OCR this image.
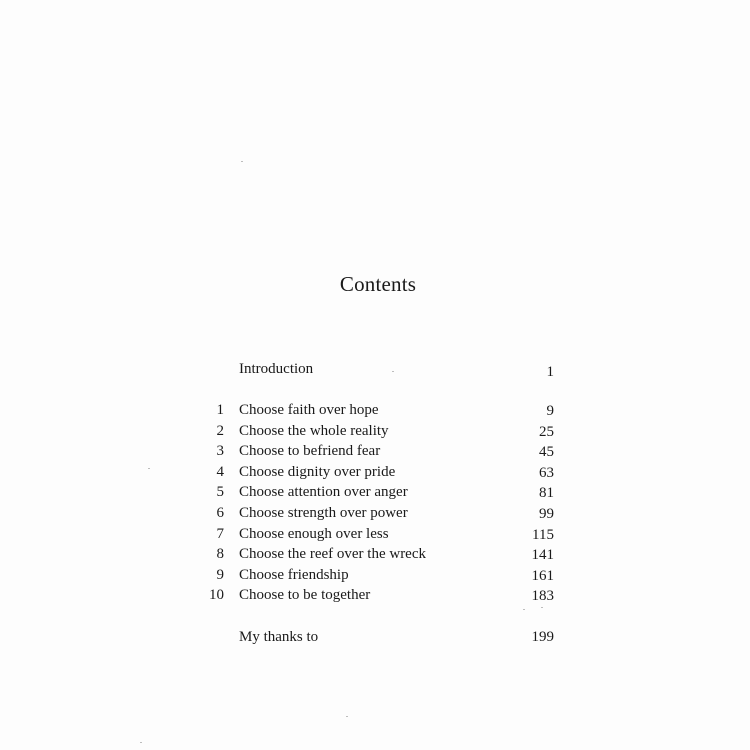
Contents
Introduction	1
1 Choose faith over hope	9
2 Choose the whole reality	25
3 Choose to befriend fear	45
4 Choose dignity over pride	63
5 Choose attention over anger	81
6 Choose strength over power	99
7 Choose enough over less	115
8 Choose the reef over the wreck	141
9 Choose friendship	161
10 Choose to be together	183
My thanks to	199
